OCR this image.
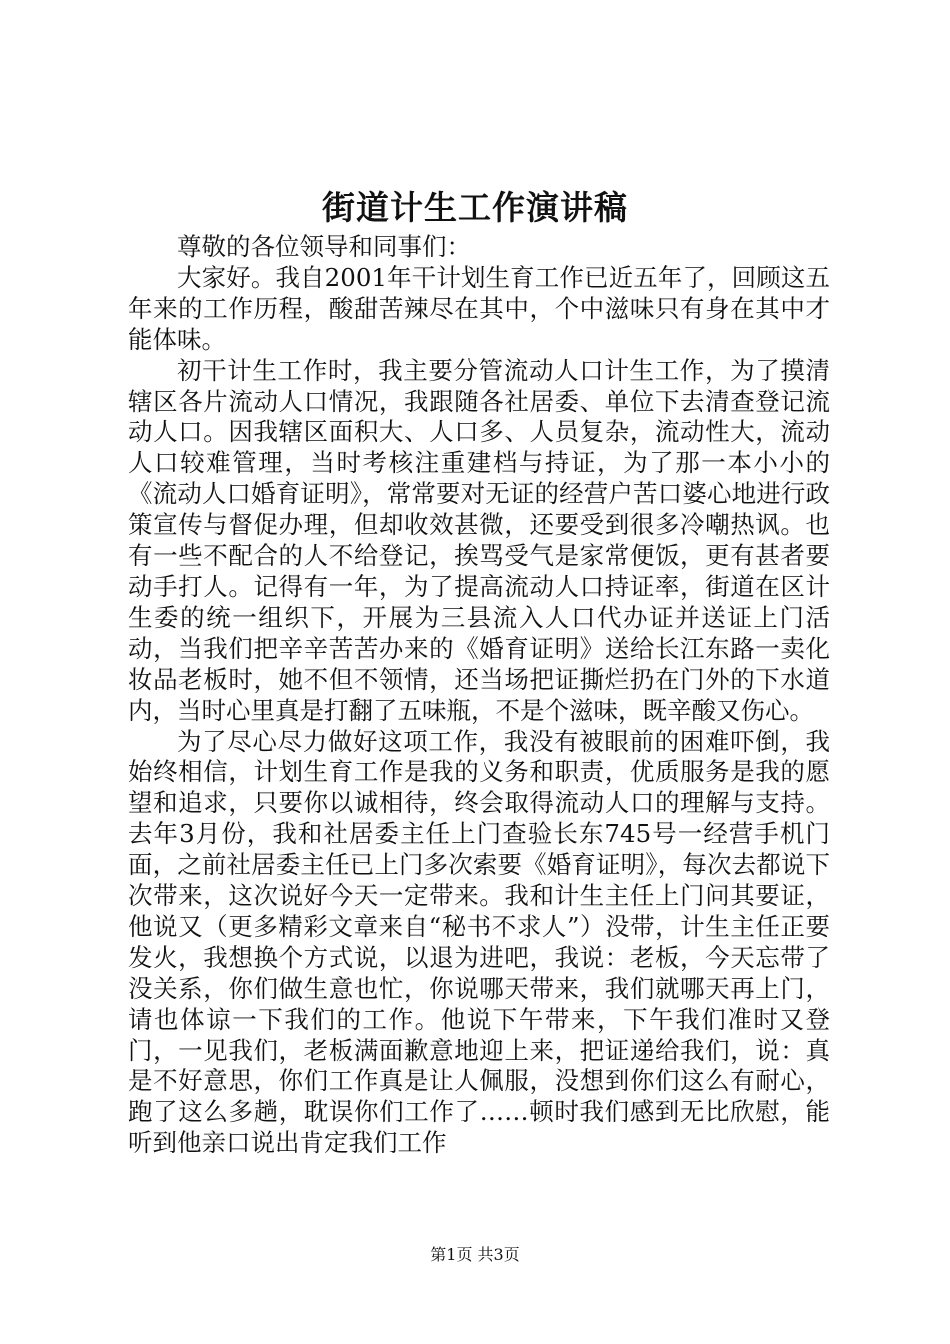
街道计生工作演讲稿

尊敬的各位领导和同事们：

大家好。我自2001年干计划生育工作已近五年了，回顾这五年来的工作历程，酸甜苦辣尽在其中，个中滋味只有身在其中才能体味。

初干计生工作时，我主要分管流动人口计生工作，为了摸清辖区各片流动人口情况，我跟随各社居委、单位下去清查登记流动人口。因我辖区面积大、人口多、人员复杂，流动性大，流动人口较难管理，当时考核注重建档与持证，为了那一本小小的《流动人口婚育证明》，常常要对无证的经营户苦口婆心地进行政策宣传与督促办理，但却收效甚微，还要受到很多冷嘲热讽。也有一些不配合的人不给登记，挨骂受气是家常便饭，更有甚者要动手打人。记得有一年，为了提高流动人口持证率，街道在区计生委的统一组织下，开展为三县流入人口代办证并送证上门活动，当我们把辛辛苦苦办来的《婚育证明》送给长江东路一卖化妆品老板时，她不但不领情，还当场把证撕烂扔在门外的下水道内，当时心里真是打翻了五味瓶，不是个滋味，既辛酸又伤心。

为了尽心尽力做好这项工作，我没有被眼前的困难吓倒，我始终相信，计划生育工作是我的义务和职责，优质服务是我的愿望和追求，只要你以诚相待，终会取得流动人口的理解与支持。去年3月份，我和社居委主任上门查验长东745号一经营手机门面，之前社居委主任已上门多次索要《婚育证明》，每次去都说下次带来，这次说好今天一定带来。我和计生主任上门问其要证，他说又（更多精彩文章来自“秘书不求人”）没带，计生主任正要发火，我想换个方式说，以退为进吧，我说：老板，今天忘带了没关系，你们做生意也忙，你说哪天带来，我们就哪天再上门，请也体谅一下我们的工作。他说下午带来，下午我们准时又登门，一见我们，老板满面歉意地迎上来，把证递给我们，说：真是不好意思，你们工作真是让人佩服，没想到你们这么有耐心，跑了这么多趟，耽误你们工作了……顿时我们感到无比欣慰，能听到他亲口说出肯定我们工作

第1页 共3页
